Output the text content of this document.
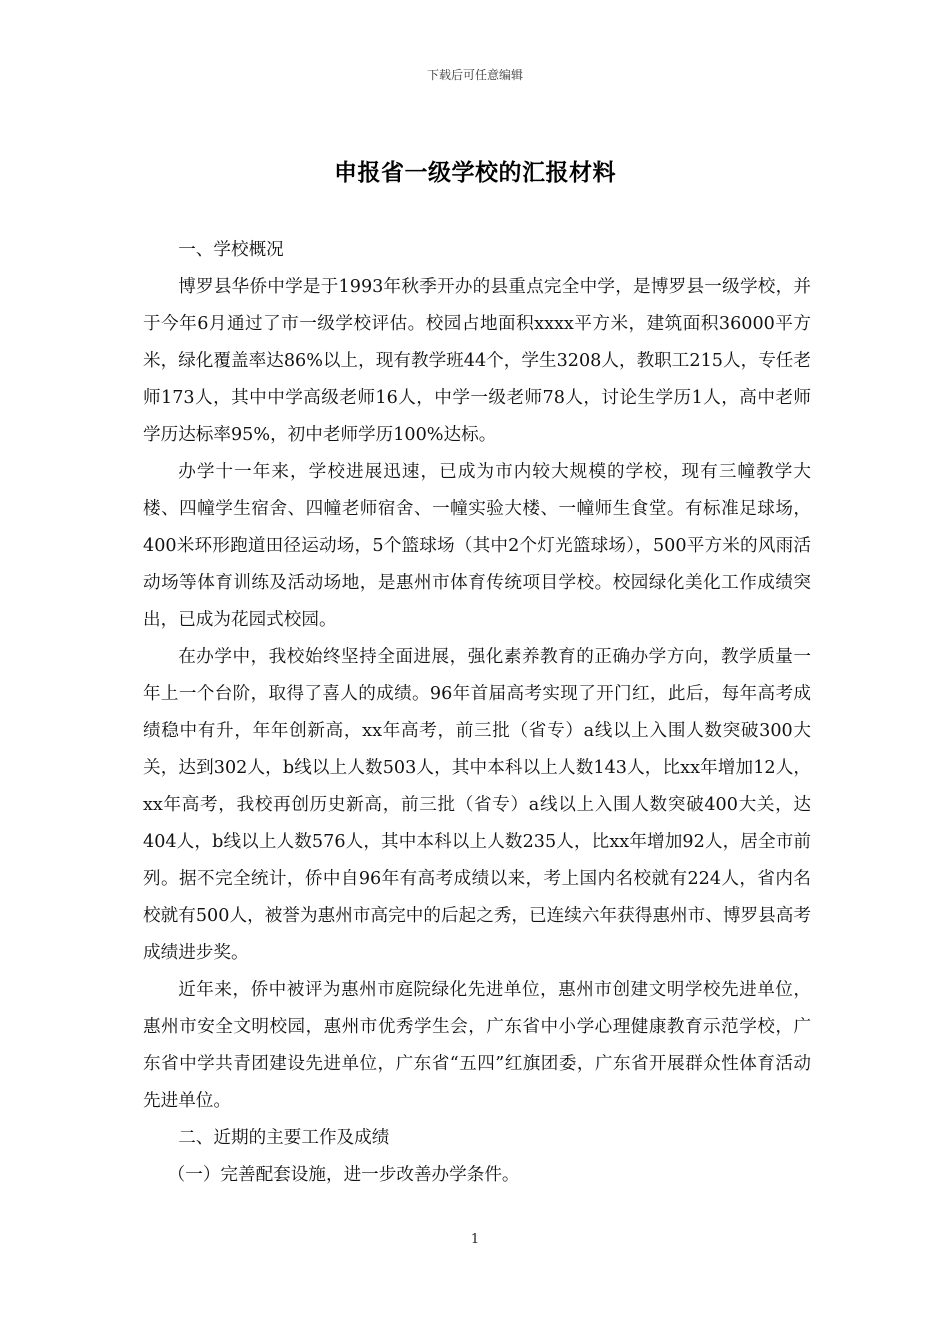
下载后可任意编辑
申报省一级学校的汇报材料

一、学校概况

博罗县华侨中学是于1993年秋季开办的县重点完全中学，是博罗县一级学校，并于今年6月通过了市一级学校评估。校园占地面积xxxx平方米，建筑面积36000平方米，绿化覆盖率达86%以上，现有教学班44个，学生3208人，教职工215人，专任老师173人，其中中学高级老师16人，中学一级老师78人，讨论生学历1人，高中老师学历达标率95%，初中老师学历100%达标。

办学十一年来，学校进展迅速，已成为市内较大规模的学校，现有三幢教学大楼、四幢学生宿舍、四幢老师宿舍、一幢实验大楼、一幢师生食堂。有标准足球场，400米环形跑道田径运动场，5个篮球场（其中2个灯光篮球场），500平方米的风雨活动场等体育训练及活动场地，是惠州市体育传统项目学校。校园绿化美化工作成绩突出，已成为花园式校园。

在办学中，我校始终坚持全面进展，强化素养教育的正确办学方向，教学质量一年上一个台阶，取得了喜人的成绩。96年首届高考实现了开门红，此后，每年高考成绩稳中有升，年年创新高，xx年高考，前三批（省专）a线以上入围人数突破300大关，达到302人，b线以上人数503人，其中本科以上人数143人，比xx年增加12人，xx年高考，我校再创历史新高，前三批（省专）a线以上入围人数突破400大关，达404人，b线以上人数576人，其中本科以上人数235人，比xx年增加92人，居全市前列。据不完全统计，侨中自96年有高考成绩以来，考上国内名校就有224人，省内名校就有500人，被誉为惠州市高完中的后起之秀，已连续六年获得惠州市、博罗县高考成绩进步奖。

近年来，侨中被评为惠州市庭院绿化先进单位，惠州市创建文明学校先进单位，惠州市安全文明校园，惠州市优秀学生会，广东省中小学心理健康教育示范学校，广东省中学共青团建设先进单位，广东省“五四”红旗团委，广东省开展群众性体育活动先进单位。

二、近期的主要工作及成绩

（一）完善配套设施，进一步改善办学条件。

1
